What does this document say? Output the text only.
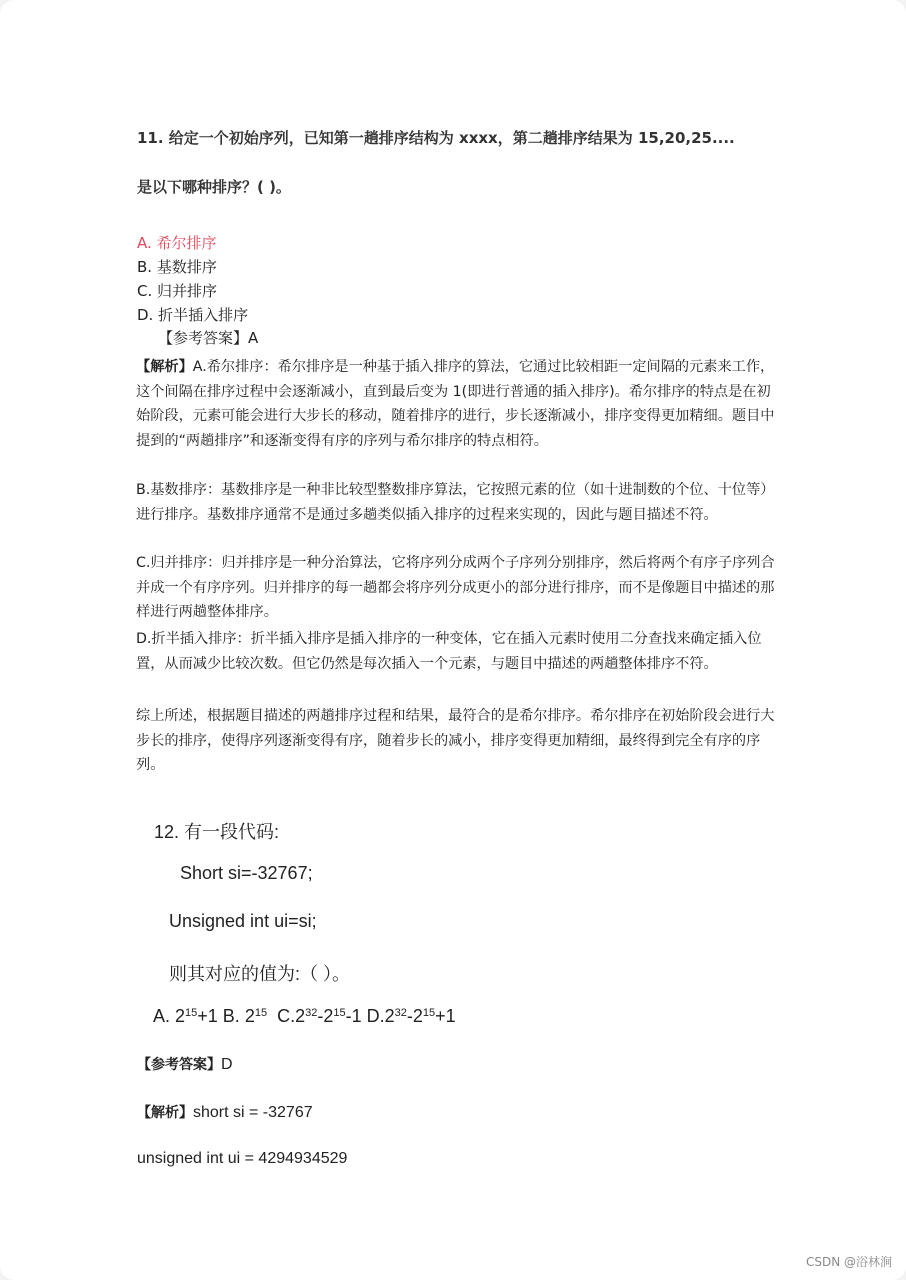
11. 给定一个初始序列，已知第一趟排序结构为 xxxx，第二趟排序结果为 15,20,25....
是以下哪种排序？( )。
A. 希尔排序
B. 基数排序
C. 归并排序
D. 折半插入排序
【参考答案】A
【解析】A.希尔排序：希尔排序是一种基于插入排序的算法，它通过比较相距一定间隔的元素来工作，这个间隔在排序过程中会逐渐减小，直到最后变为 1(即进行普通的插入排序)。希尔排序的特点是在初始阶段，元素可能会进行大步长的移动，随着排序的进行，步长逐渐减小，排序变得更加精细。题目中提到的“两趟排序”和逐渐变得有序的序列与希尔排序的特点相符。
B.基数排序：基数排序是一种非比较型整数排序算法，它按照元素的位（如十进制数的个位、十位等）进行排序。基数排序通常不是通过多趟类似插入排序的过程来实现的，因此与题目描述不符。
C.归并排序：归并排序是一种分治算法，它将序列分成两个子序列分别排序，然后将两个有序子序列合并成一个有序序列。归并排序的每一趟都会将序列分成更小的部分进行排序，而不是像题目中描述的那样进行两趟整体排序。
D.折半插入排序：折半插入排序是插入排序的一种变体，它在插入元素时使用二分查找来确定插入位置，从而减少比较次数。但它仍然是每次插入一个元素，与题目中描述的两趟整体排序不符。
综上所述，根据题目描述的两趟排序过程和结果，最符合的是希尔排序。希尔排序在初始阶段会进行大步长的排序，使得序列逐渐变得有序，随着步长的减小，排序变得更加精细，最终得到完全有序的序列。
12. 有一段代码:
Short si=-32767;
Unsigned int ui=si;
则其对应的值为:（ ）。
A. $2^{15}+1$ B. $2^{15}$  $C.2^{32}-2^{15}-1$ $D.2^{32}-2^{15}+1$
【参考答案】D
【解析】short si = -32767
unsigned int ui = 4294934529
CSDN @浴林涧
